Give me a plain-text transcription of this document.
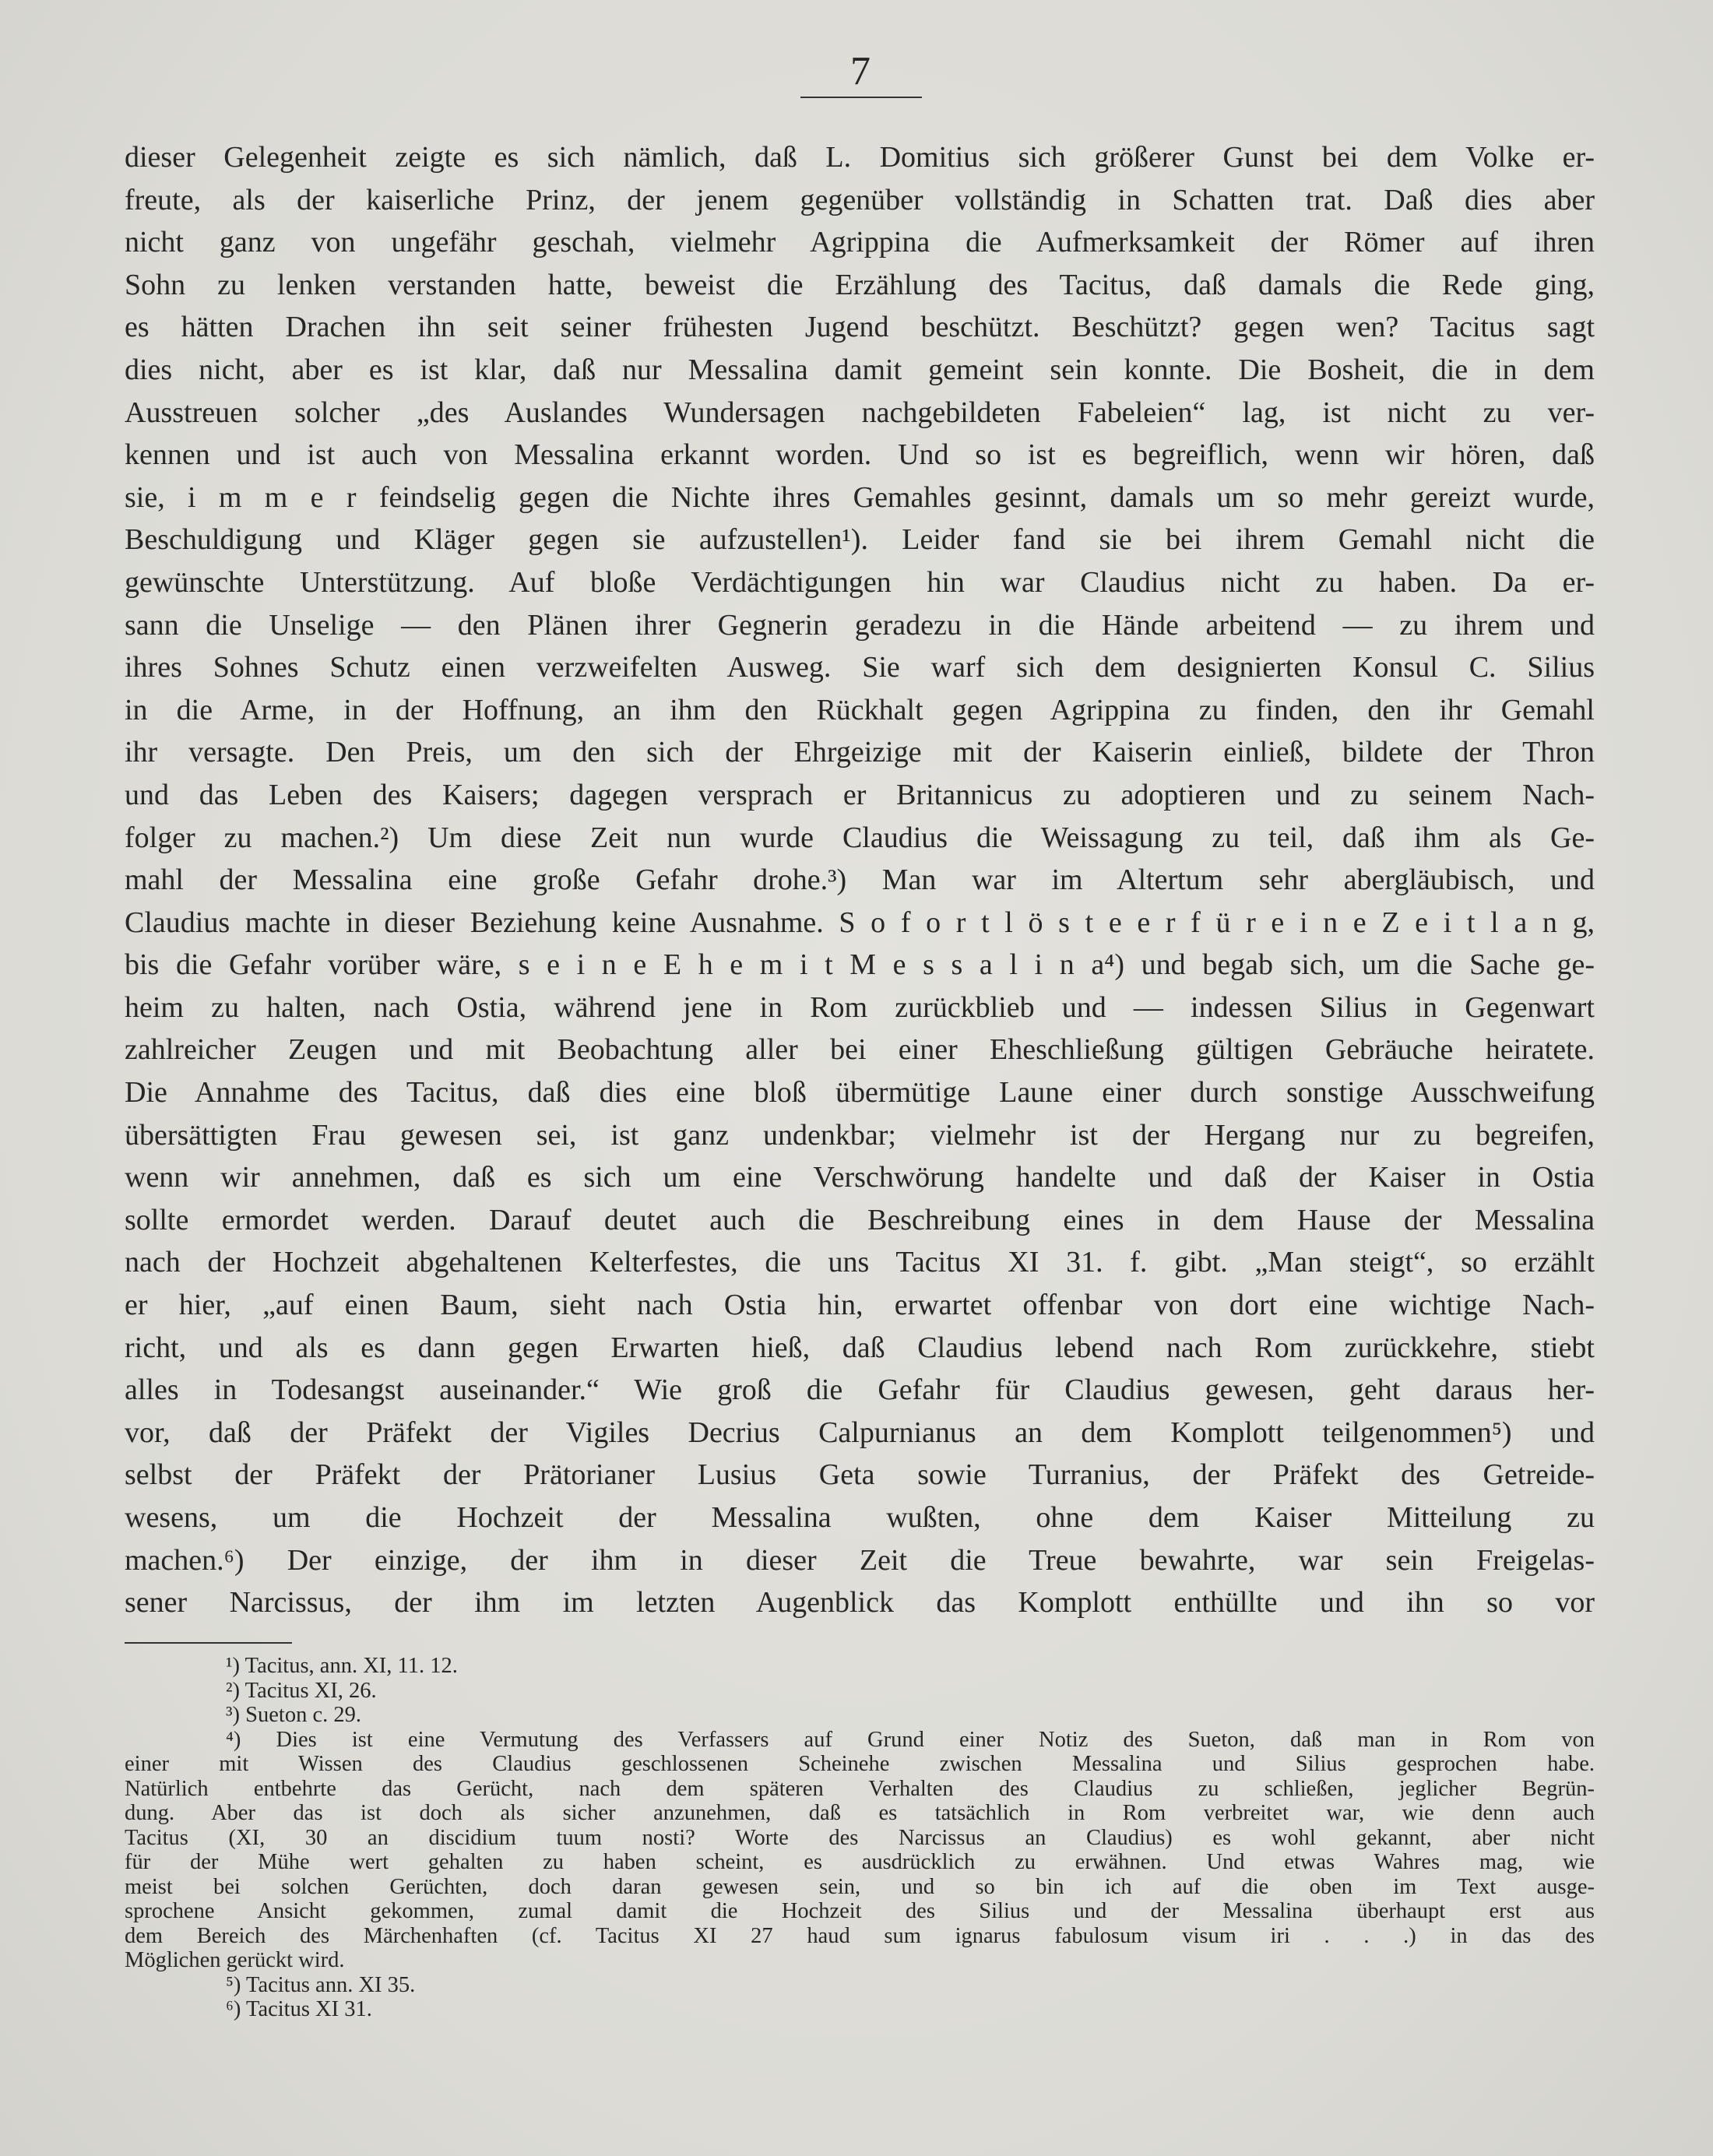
7
dieser Gelegenheit zeigte es sich nämlich, daß L. Domitius sich größerer Gunst bei dem Volke er-
freute, als der kaiserliche Prinz, der jenem gegenüber vollständig in Schatten trat. Daß dies aber
nicht ganz von ungefähr geschah, vielmehr Agrippina die Aufmerksamkeit der Römer auf ihren
Sohn zu lenken verstanden hatte, beweist die Erzählung des Tacitus, daß damals die Rede ging,
es hätten Drachen ihn seit seiner frühesten Jugend beschützt. Beschützt? gegen wen? Tacitus sagt
dies nicht, aber es ist klar, daß nur Messalina damit gemeint sein konnte. Die Bosheit, die in dem
Ausstreuen solcher „des Auslandes Wundersagen nachgebildeten Fabeleien“ lag, ist nicht zu ver-
kennen und ist auch von Messalina erkannt worden. Und so ist es begreiflich, wenn wir hören, daß
sie, i m m e r feindselig gegen die Nichte ihres Gemahles gesinnt, damals um so mehr gereizt wurde,
Beschuldigung und Kläger gegen sie aufzustellen¹). Leider fand sie bei ihrem Gemahl nicht die
gewünschte Unterstützung. Auf bloße Verdächtigungen hin war Claudius nicht zu haben. Da er-
sann die Unselige — den Plänen ihrer Gegnerin geradezu in die Hände arbeitend — zu ihrem und
ihres Sohnes Schutz einen verzweifelten Ausweg. Sie warf sich dem designierten Konsul C. Silius
in die Arme, in der Hoffnung, an ihm den Rückhalt gegen Agrippina zu finden, den ihr Gemahl
ihr versagte. Den Preis, um den sich der Ehrgeizige mit der Kaiserin einließ, bildete der Thron
und das Leben des Kaisers; dagegen versprach er Britannicus zu adoptieren und zu seinem Nach-
folger zu machen.²) Um diese Zeit nun wurde Claudius die Weissagung zu teil, daß ihm als Ge-
mahl der Messalina eine große Gefahr drohe.³) Man war im Altertum sehr abergläubisch, und
Claudius machte in dieser Beziehung keine Ausnahme. S o f o r t l ö s t e e r f ü r e i n e Z e i t l a n g,
bis die Gefahr vorüber wäre, s e i n e E h e m i t M e s s a l i n a⁴) und begab sich, um die Sache ge-
heim zu halten, nach Ostia, während jene in Rom zurückblieb und — indessen Silius in Gegenwart
zahlreicher Zeugen und mit Beobachtung aller bei einer Eheschließung gültigen Gebräuche heiratete.
Die Annahme des Tacitus, daß dies eine bloß übermütige Laune einer durch sonstige Ausschweifung
übersättigten Frau gewesen sei, ist ganz undenkbar; vielmehr ist der Hergang nur zu begreifen,
wenn wir annehmen, daß es sich um eine Verschwörung handelte und daß der Kaiser in Ostia
sollte ermordet werden. Darauf deutet auch die Beschreibung eines in dem Hause der Messalina
nach der Hochzeit abgehaltenen Kelterfestes, die uns Tacitus XI 31. f. gibt. „Man steigt“, so erzählt
er hier, „auf einen Baum, sieht nach Ostia hin, erwartet offenbar von dort eine wichtige Nach-
richt, und als es dann gegen Erwarten hieß, daß Claudius lebend nach Rom zurückkehre, stiebt
alles in Todesangst auseinander.“ Wie groß die Gefahr für Claudius gewesen, geht daraus her-
vor, daß der Präfekt der Vigiles Decrius Calpurnianus an dem Komplott teilgenommen⁵) und
selbst der Präfekt der Prätorianer Lusius Geta sowie Turranius, der Präfekt des Getreide-
wesens, um die Hochzeit der Messalina wußten, ohne dem Kaiser Mitteilung zu
machen.⁶) Der einzige, der ihm in dieser Zeit die Treue bewahrte, war sein Freigelas-
sener Narcissus, der ihm im letzten Augenblick das Komplott enthüllte und ihn so vor
¹) Tacitus, ann. XI, 11. 12.
²) Tacitus XI, 26.
³) Sueton c. 29.
⁴) Dies ist eine Vermutung des Verfassers auf Grund einer Notiz des Sueton, daß man in Rom von
einer mit Wissen des Claudius geschlossenen Scheinehe zwischen Messalina und Silius gesprochen habe.
Natürlich entbehrte das Gerücht, nach dem späteren Verhalten des Claudius zu schließen, jeglicher Begrün-
dung. Aber das ist doch als sicher anzunehmen, daß es tatsächlich in Rom verbreitet war, wie denn auch
Tacitus (XI, 30 an discidium tuum nosti? Worte des Narcissus an Claudius) es wohl gekannt, aber nicht
für der Mühe wert gehalten zu haben scheint, es ausdrücklich zu erwähnen. Und etwas Wahres mag, wie
meist bei solchen Gerüchten, doch daran gewesen sein, und so bin ich auf die oben im Text ausge-
sprochene Ansicht gekommen, zumal damit die Hochzeit des Silius und der Messalina überhaupt erst aus
dem Bereich des Märchenhaften (cf. Tacitus XI 27 haud sum ignarus fabulosum visum iri . . .) in das des
Möglichen gerückt wird.
⁵) Tacitus ann. XI 35.
⁶) Tacitus XI 31.
